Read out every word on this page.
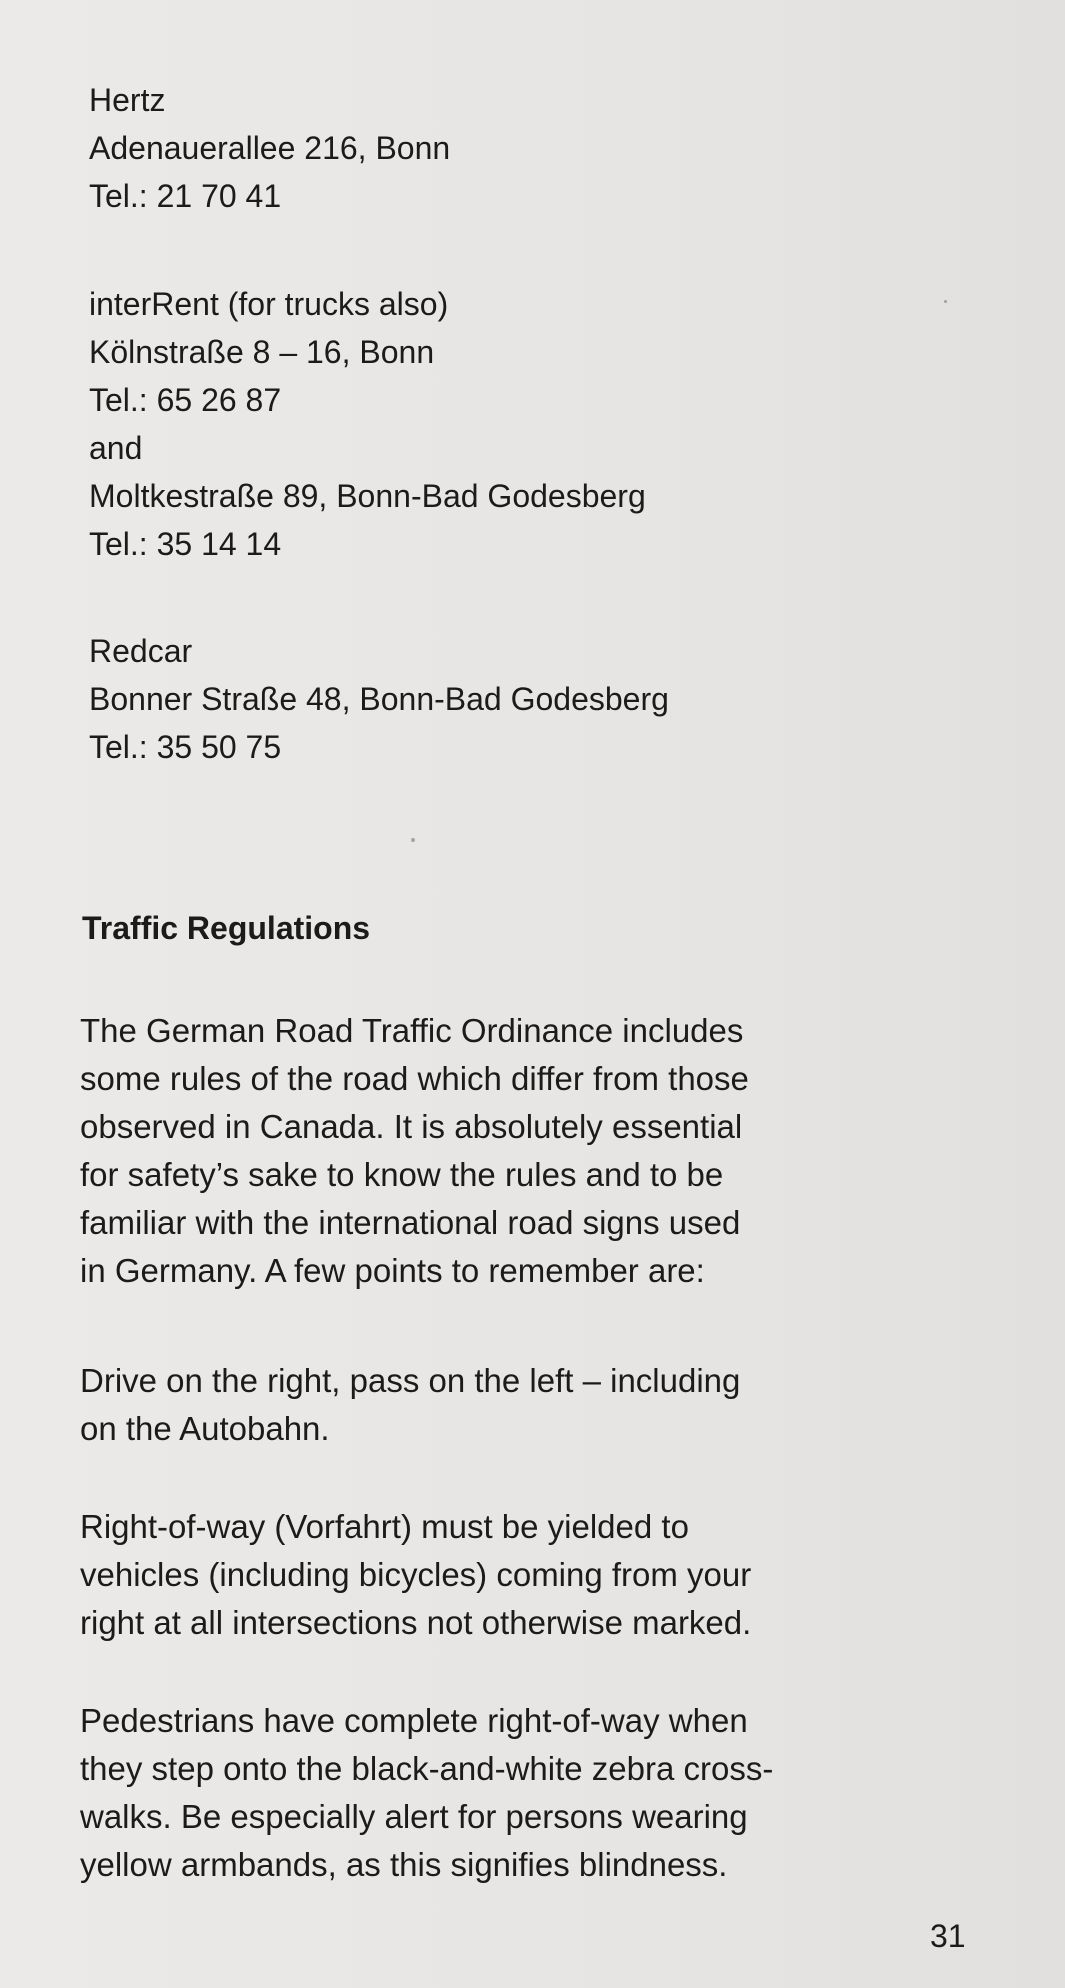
Hertz
Adenauerallee 216, Bonn
Tel.: 21 70 41
interRent (for trucks also)
Kölnstraße 8 – 16, Bonn
Tel.: 65 26 87
and
Moltkestraße 89, Bonn-Bad Godesberg
Tel.: 35 14 14
Redcar
Bonner Straße 48, Bonn-Bad Godesberg
Tel.: 35 50 75
Traffic Regulations
The German Road Traffic Ordinance includes
some rules of the road which differ from those
observed in Canada. It is absolutely essential
for safety’s sake to know the rules and to be
familiar with the international road signs used
in Germany. A few points to remember are:
Drive on the right, pass on the left – including
on the Autobahn.
Right-of-way (Vorfahrt) must be yielded to
vehicles (including bicycles) coming from your
right at all intersections not otherwise marked.
Pedestrians have complete right-of-way when
they step onto the black-and-white zebra cross-
walks. Be especially alert for persons wearing
yellow armbands, as this signifies blindness.
31
